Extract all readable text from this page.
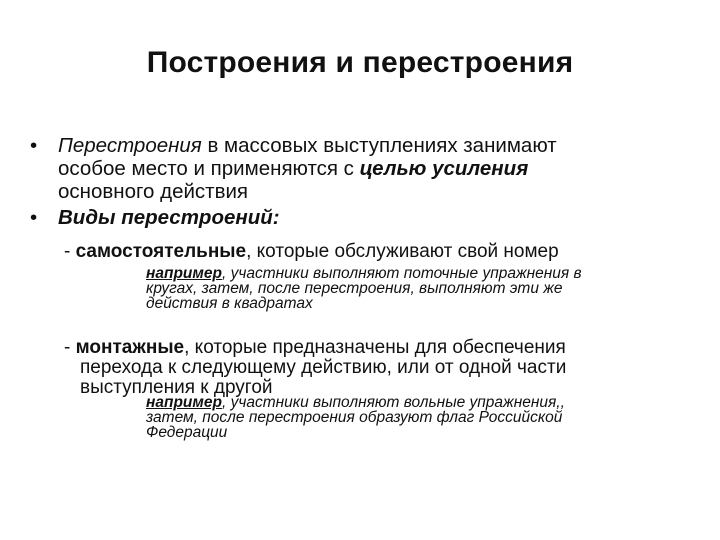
Построения и перестроения
• Перестроения в массовых выступлениях занимают
особое место и применяются с целью усиления
основного действия
• Виды перестроений:
- самостоятельные, которые обслуживают свой номер
например, участники выполняют поточные упражнения в
кругах, затем, после перестроения, выполняют эти же
действия в квадратах
- монтажные, которые предназначены для обеспечения
перехода к следующему действию, или от одной части
выступления к другой
например, участники выполняют вольные упражнения,,
затем, после перестроения образуют флаг Российской
Федерации
